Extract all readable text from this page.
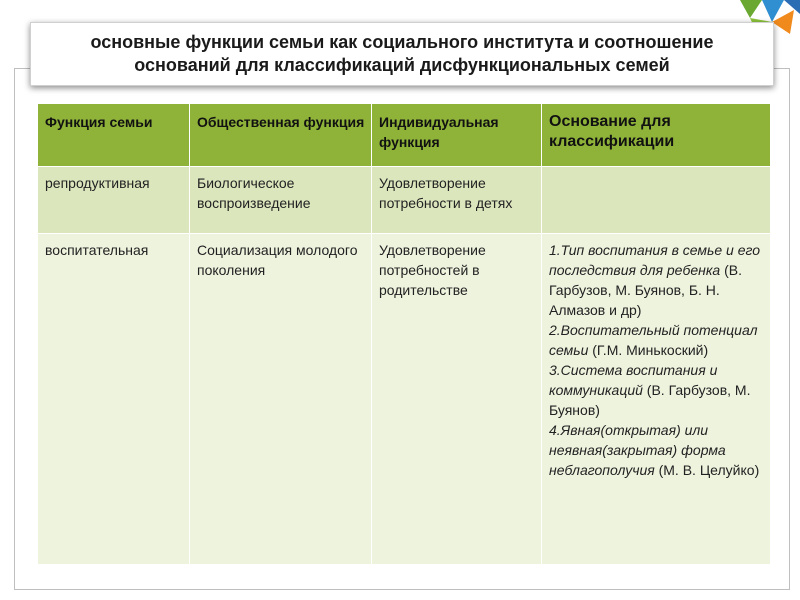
основные функции семьи как социального института и соотношение
оснований для классификаций дисфункциональных семей
Функция семьи	Общественная функция	Индивидуальная функция	Основание для классификации
репродуктивная	Биологическое воспроизведение	Удовлетворение потребности в детях	
воспитательная	Социализация молодого поколения	Удовлетворение потребностей в родительстве	1.Тип воспитания в семье и его последствия для ребенка (В. Гарбузов, М. Буянов, Б. Н. Алмазов и др)
2.Воспитательный потенциал семьи (Г.М. Минькоский)
3.Система воспитания и коммуникаций (В. Гарбузов, М. Буянов)
4.Явная(открытая) или неявная(закрытая) форма неблагополучия (М. В. Целуйко)
